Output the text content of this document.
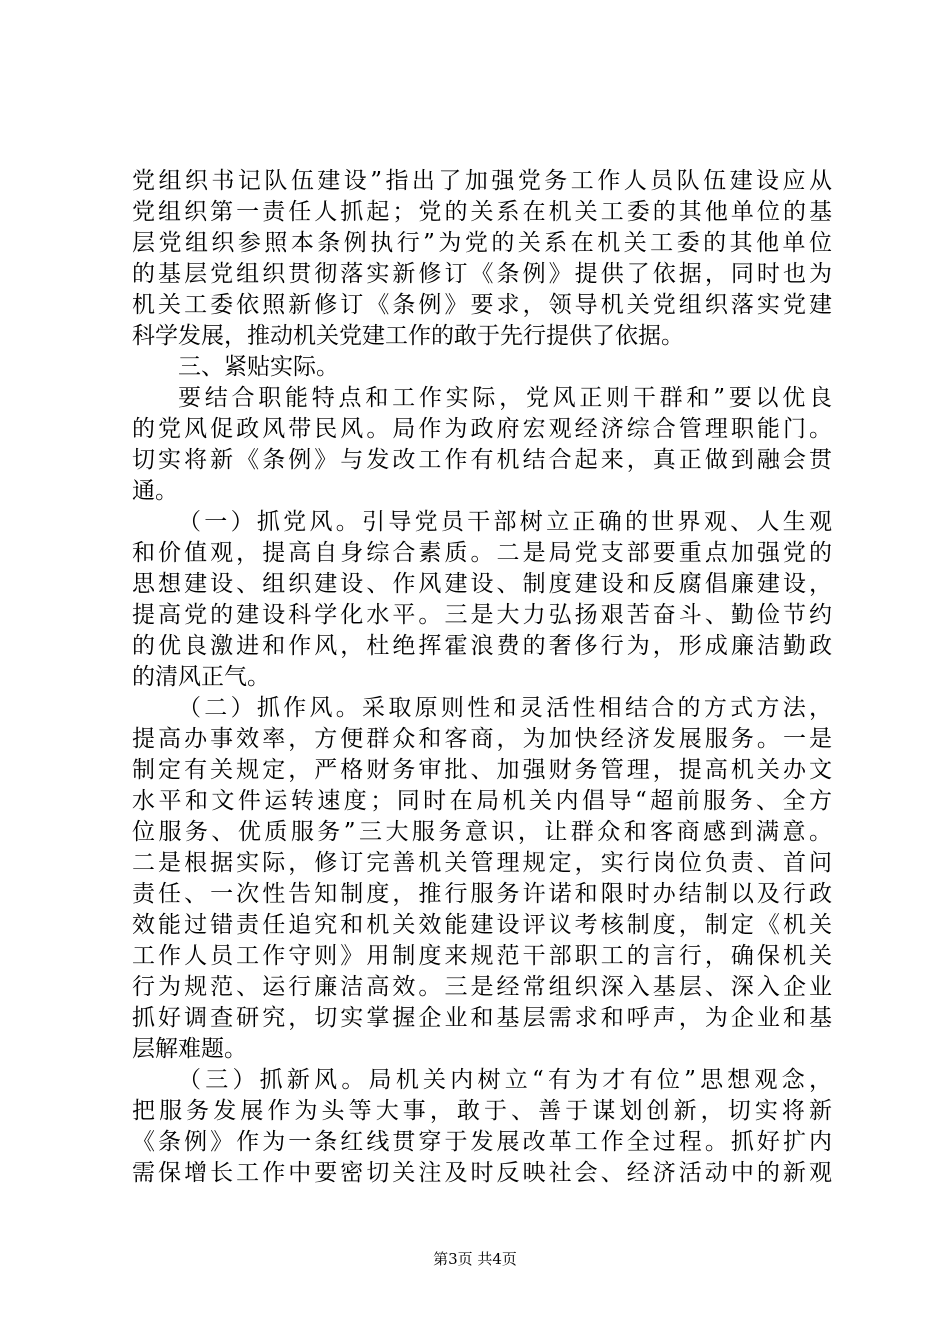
党组织书记队伍建设”指出了加强党务工作人员队伍建设应从
党组织第一责任人抓起；党的关系在机关工委的其他单位的基
层党组织参照本条例执行”为党的关系在机关工委的其他单位
的基层党组织贯彻落实新修订《条例》提供了依据，同时也为
机关工委依照新修订《条例》要求，领导机关党组织落实党建
科学发展，推动机关党建工作的敢于先行提供了依据。
三、紧贴实际。
要结合职能特点和工作实际，党风正则干群和”要以优良
的党风促政风带民风。局作为政府宏观经济综合管理职能门。
切实将新《条例》与发改工作有机结合起来，真正做到融会贯
通。
（一）抓党风。引导党员干部树立正确的世界观、人生观
和价值观，提高自身综合素质。二是局党支部要重点加强党的
思想建设、组织建设、作风建设、制度建设和反腐倡廉建设，
提高党的建设科学化水平。三是大力弘扬艰苦奋斗、勤俭节约
的优良激进和作风，杜绝挥霍浪费的奢侈行为，形成廉洁勤政
的清风正气。
（二）抓作风。采取原则性和灵活性相结合的方式方法，
提高办事效率，方便群众和客商，为加快经济发展服务。一是
制定有关规定，严格财务审批、加强财务管理，提高机关办文
水平和文件运转速度；同时在局机关内倡导“超前服务、全方
位服务、优质服务”三大服务意识，让群众和客商感到满意。
二是根据实际，修订完善机关管理规定，实行岗位负责、首问
责任、一次性告知制度，推行服务许诺和限时办结制以及行政
效能过错责任追究和机关效能建设评议考核制度，制定《机关
工作人员工作守则》用制度来规范干部职工的言行，确保机关
行为规范、运行廉洁高效。三是经常组织深入基层、深入企业
抓好调查研究，切实掌握企业和基层需求和呼声，为企业和基
层解难题。
（三）抓新风。局机关内树立“有为才有位”思想观念，
把服务发展作为头等大事，敢于、善于谋划创新，切实将新
《条例》作为一条红线贯穿于发展改革工作全过程。抓好扩内
需保增长工作中要密切关注及时反映社会、经济活动中的新观
第3页 共4页
